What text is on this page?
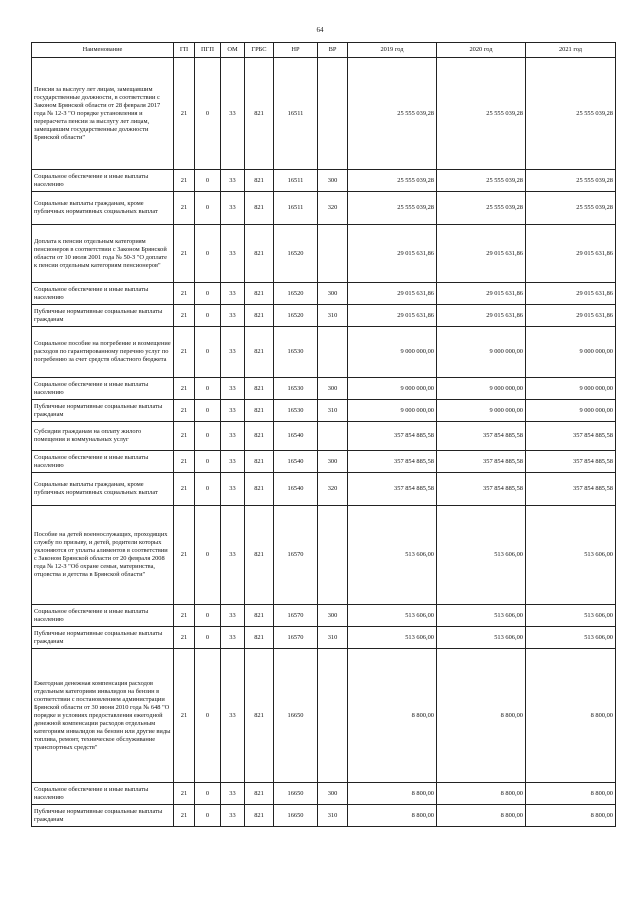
64
Наименование	ГП	ПГП	ОМ	ГРБС	НР	ВР	2019 год	2020 год	2021 год
Пенсия за выслугу лет лицам, замещавшим государственные должности, в соответствии с Законом Брянской области от 28 февраля 2017 года № 12-З "О порядке установления и перерасчета пенсии за выслугу лет лицам, замещавшим государственные должности Брянской области"	21	0	33	821	16511		25 555 039,28	25 555 039,28	25 555 039,28
Социальное обеспечение и иные выплаты населению	21	0	33	821	16511	300	25 555 039,28	25 555 039,28	25 555 039,28
Социальные выплаты гражданам, кроме публичных нормативных социальных выплат	21	0	33	821	16511	320	25 555 039,28	25 555 039,28	25 555 039,28
Доплата к пенсии отдельным категориям пенсионеров в соответствии с Законом Брянской области от 10 июля 2001 года № 50-З "О доплате к пенсии отдельным категориям пенсионеров"	21	0	33	821	16520		29 015 631,86	29 015 631,86	29 015 631,86
Социальное обеспечение и иные выплаты населению	21	0	33	821	16520	300	29 015 631,86	29 015 631,86	29 015 631,86
Публичные нормативные социальные выплаты гражданам	21	0	33	821	16520	310	29 015 631,86	29 015 631,86	29 015 631,86
Социальное пособие на погребение и возмещение расходов по гарантированному перечню услуг по погребению за счет средств областного бюджета	21	0	33	821	16530		9 000 000,00	9 000 000,00	9 000 000,00
Социальное обеспечение и иные выплаты населению	21	0	33	821	16530	300	9 000 000,00	9 000 000,00	9 000 000,00
Публичные нормативные социальные выплаты гражданам	21	0	33	821	16530	310	9 000 000,00	9 000 000,00	9 000 000,00
Субсидии гражданам на оплату жилого помещения и коммунальных услуг	21	0	33	821	16540		357 854 885,58	357 854 885,58	357 854 885,58
Социальное обеспечение и иные выплаты населению	21	0	33	821	16540	300	357 854 885,58	357 854 885,58	357 854 885,58
Социальные выплаты гражданам, кроме публичных нормативных социальных выплат	21	0	33	821	16540	320	357 854 885,58	357 854 885,58	357 854 885,58
Пособие на детей военнослужащих, проходящих службу по призыву, и детей, родители которых уклоняются от уплаты алиментов в соответствии с Законом Брянской области от 20 февраля 2008 года № 12-З "Об охране семьи, материнства, отцовства и детства в Брянской области"	21	0	33	821	16570		513 606,00	513 606,00	513 606,00
Социальное обеспечение и иные выплаты населению	21	0	33	821	16570	300	513 606,00	513 606,00	513 606,00
Публичные нормативные социальные выплаты гражданам	21	0	33	821	16570	310	513 606,00	513 606,00	513 606,00
Ежегодная денежная компенсация расходов отдельным категориям инвалидов на бензин в соответствии с постановлением администрации Брянской области от 30 июня 2010 года № 648 "О порядке и условиях предоставления ежегодной денежной компенсации расходов отдельным категориям инвалидов на бензин или другие виды топлива, ремонт, техническое обслуживание транспортных средств"	21	0	33	821	16650		8 800,00	8 800,00	8 800,00
Социальное обеспечение и иные выплаты населению	21	0	33	821	16650	300	8 800,00	8 800,00	8 800,00
Публичные нормативные социальные выплаты гражданам	21	0	33	821	16650	310	8 800,00	8 800,00	8 800,00
